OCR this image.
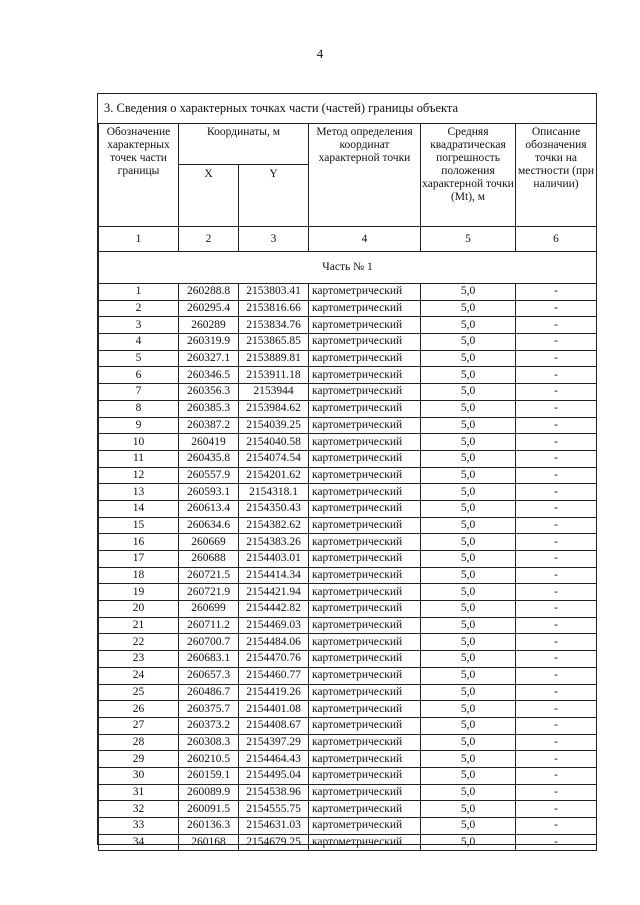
4
3. Сведения о характерных точках части (частей) границы объекта
Обозначение характерных точек части границы	Координаты, м		Метод определения координат характерной точки	Средняя квадратическая погрешность положения характерной точки (Mt), м	Описание обозначения точки на местности (при наличии)
	X	Y			
1	2	3	4	5	6
Часть № 1					
1	260288.8	2153803.41	картометрический	5,0	-
2	260295.4	2153816.66	картометрический	5,0	-
3	260289	2153834.76	картометрический	5,0	-
4	260319.9	2153865.85	картометрический	5,0	-
5	260327.1	2153889.81	картометрический	5,0	-
6	260346.5	2153911.18	картометрический	5,0	-
7	260356.3	2153944	картометрический	5,0	-
8	260385.3	2153984.62	картометрический	5,0	-
9	260387.2	2154039.25	картометрический	5,0	-
10	260419	2154040.58	картометрический	5,0	-
11	260435.8	2154074.54	картометрический	5,0	-
12	260557.9	2154201.62	картометрический	5,0	-
13	260593.1	2154318.1	картометрический	5,0	-
14	260613.4	2154350.43	картометрический	5,0	-
15	260634.6	2154382.62	картометрический	5,0	-
16	260669	2154383.26	картометрический	5,0	-
17	260688	2154403.01	картометрический	5,0	-
18	260721.5	2154414.34	картометрический	5,0	-
19	260721.9	2154421.94	картометрический	5,0	-
20	260699	2154442.82	картометрический	5,0	-
21	260711.2	2154469.03	картометрический	5,0	-
22	260700.7	2154484.06	картометрический	5,0	-
23	260683.1	2154470.76	картометрический	5,0	-
24	260657.3	2154460.77	картометрический	5,0	-
25	260486.7	2154419.26	картометрический	5,0	-
26	260375.7	2154401.08	картометрический	5,0	-
27	260373.2	2154408.67	картометрический	5,0	-
28	260308.3	2154397.29	картометрический	5,0	-
29	260210.5	2154464.43	картометрический	5,0	-
30	260159.1	2154495.04	картометрический	5,0	-
31	260089.9	2154538.96	картометрический	5,0	-
32	260091.5	2154555.75	картометрический	5,0	-
33	260136.3	2154631.03	картометрический	5,0	-
34	260168	2154679.25	картометрический	5,0	-
